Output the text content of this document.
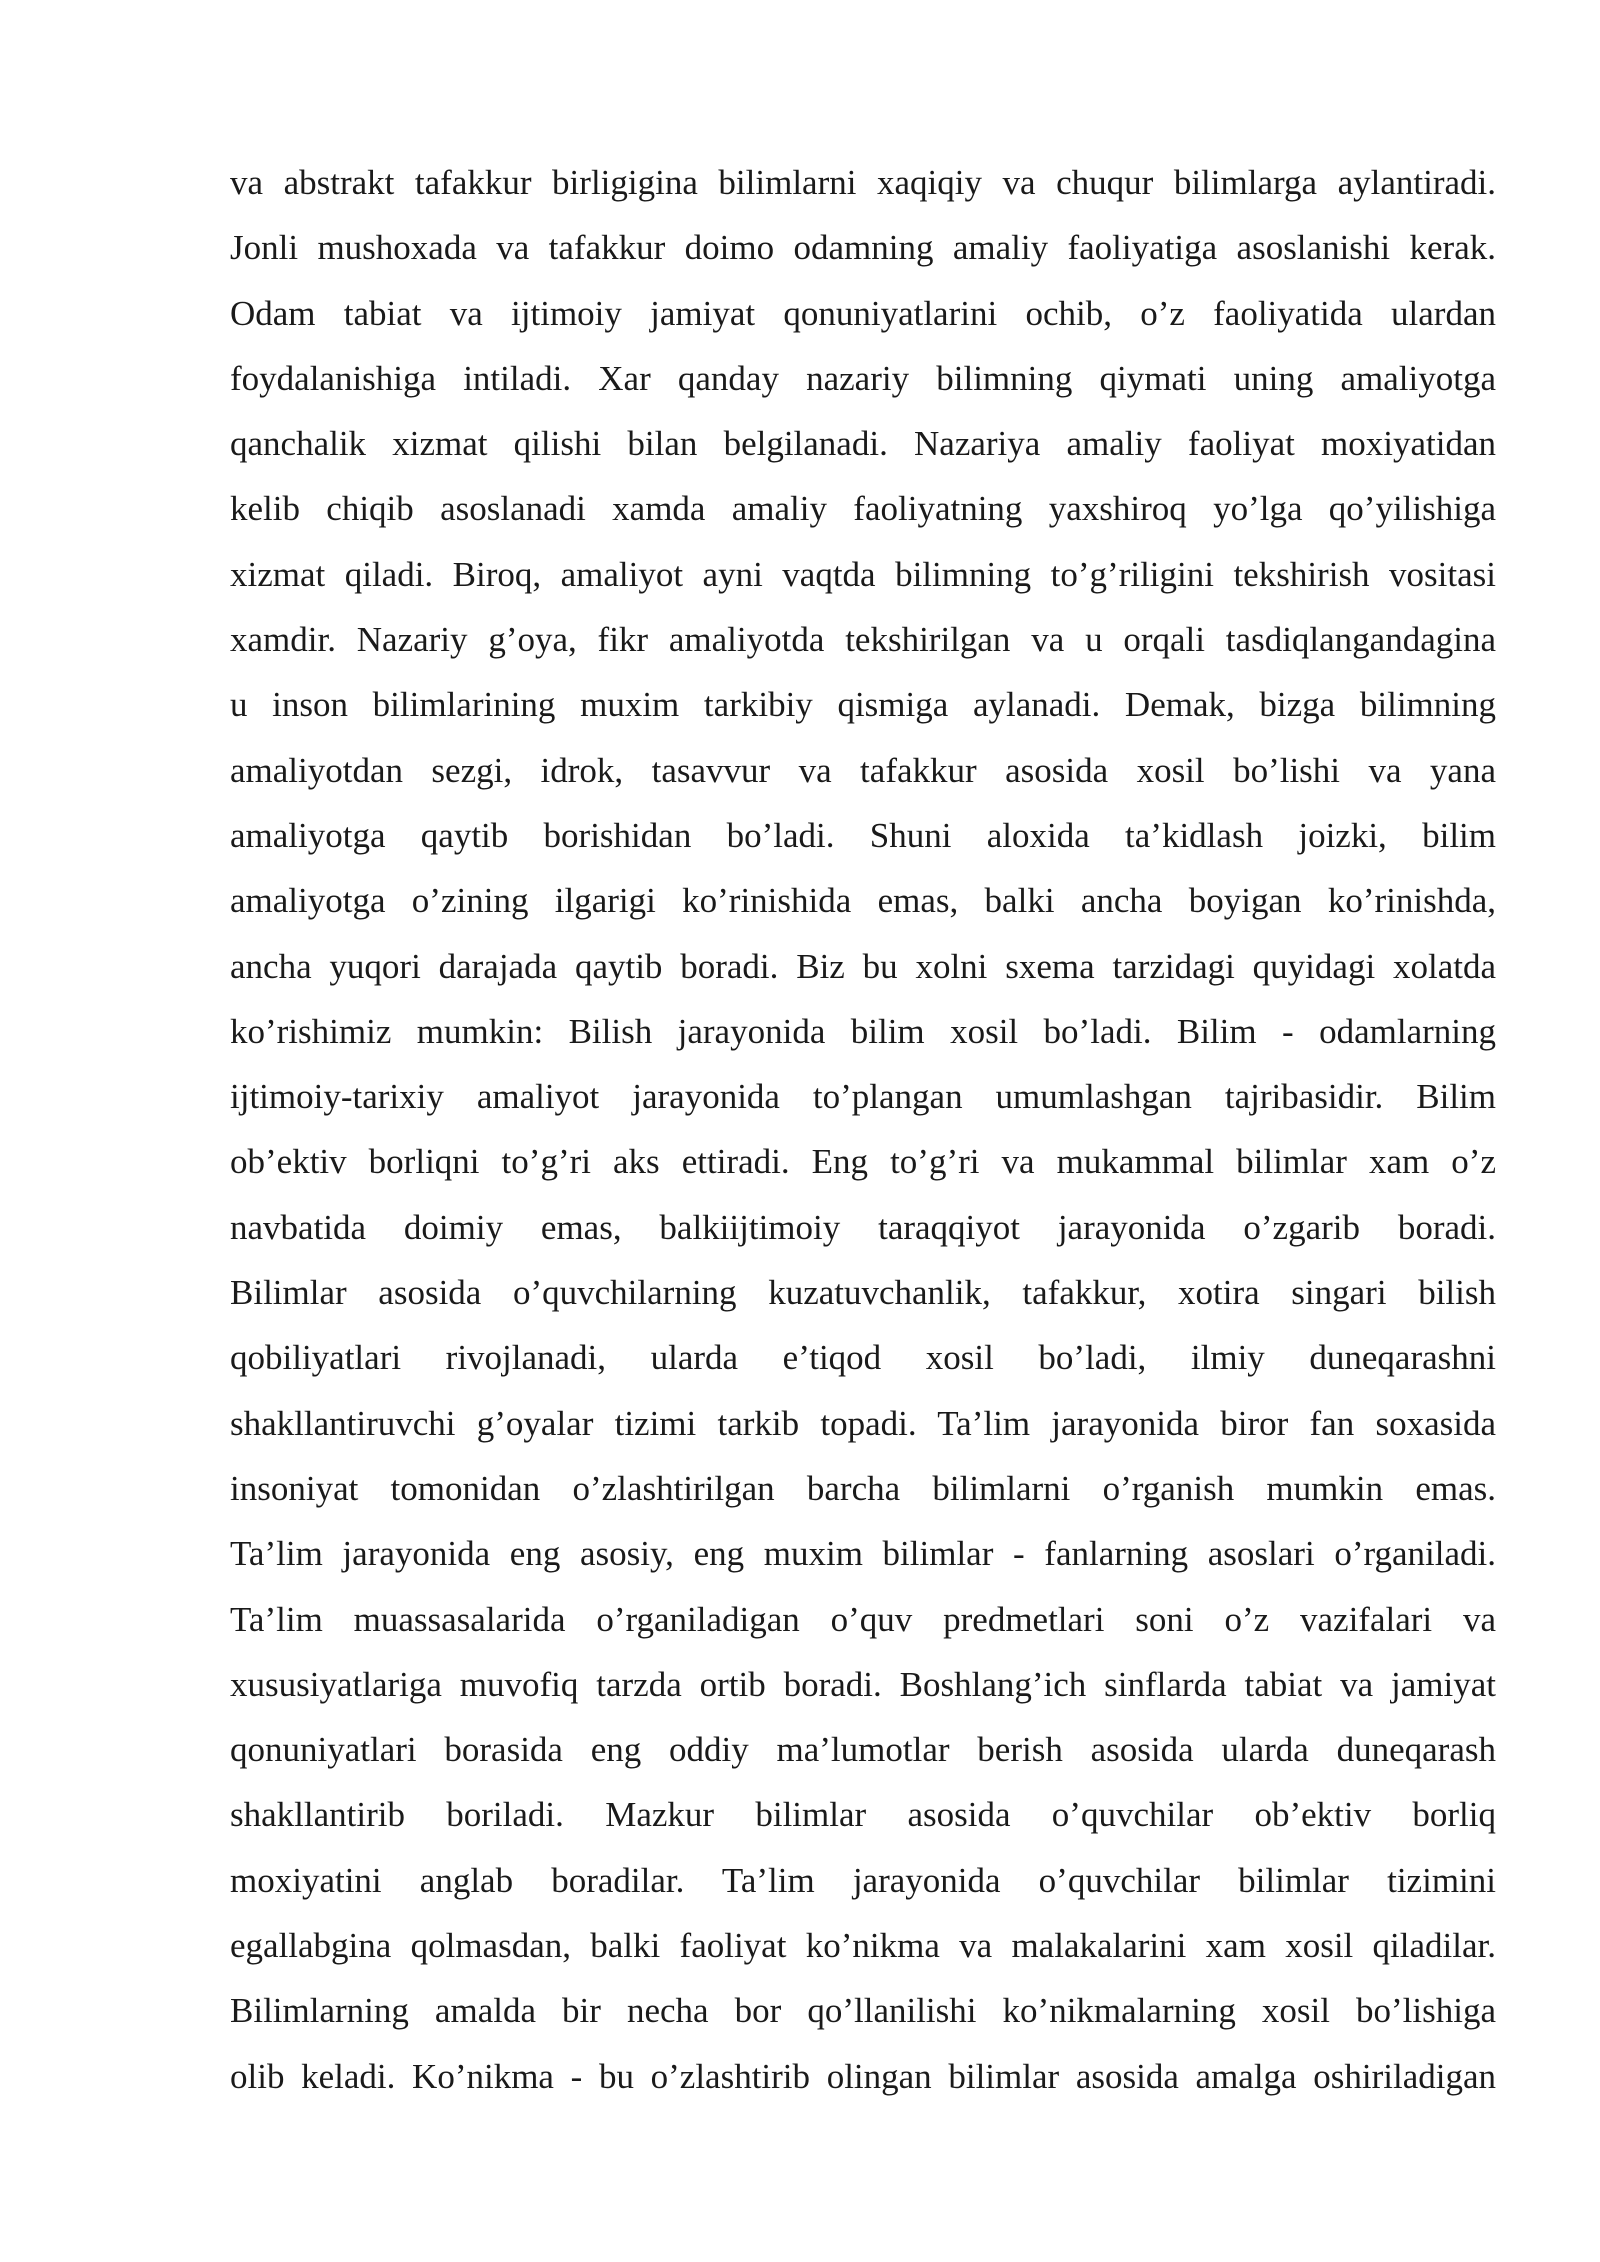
va abstrakt tafakkur birligigina bilimlarni xaqiqiy va chuqur bilimlarga aylantiradi.
Jonli mushoxada va tafakkur doimo odamning amaliy faoliyatiga asoslanishi kerak.
Odam tabiat va ijtimoiy jamiyat qonuniyatlarini ochib, o’z faoliyatida ulardan
foydalanishiga intiladi. Xar qanday nazariy bilimning qiymati uning amaliyotga
qanchalik xizmat qilishi bilan belgilanadi. Nazariya amaliy faoliyat moxiyatidan
kelib chiqib asoslanadi xamda amaliy faoliyatning yaxshiroq yo’lga qo’yilishiga
xizmat qiladi. Biroq, amaliyot ayni vaqtda bilimning to’g’riligini tekshirish vositasi
xamdir. Nazariy g’oya, fikr amaliyotda tekshirilgan va u orqali tasdiqlangandagina
u inson bilimlarining muxim tarkibiy qismiga aylanadi. Demak, bizga bilimning
amaliyotdan sezgi, idrok, tasavvur va tafakkur asosida xosil bo’lishi va yana
amaliyotga qaytib borishidan bo’ladi. Shuni aloxida ta’kidlash joizki, bilim
amaliyotga o’zining ilgarigi ko’rinishida emas, balki ancha boyigan ko’rinishda,
ancha yuqori darajada qaytib boradi. Biz bu xolni sxema tarzidagi quyidagi xolatda
ko’rishimiz mumkin: Bilish jarayonida bilim xosil bo’ladi. Bilim - odamlarning
ijtimoiy-tarixiy amaliyot jarayonida to’plangan umumlashgan tajribasidir. Bilim
ob’ektiv borliqni to’g’ri aks ettiradi. Eng to’g’ri va mukammal bilimlar xam o’z
navbatida doimiy emas, balkiijtimoiy taraqqiyot jarayonida o’zgarib boradi.
Bilimlar asosida o’quvchilarning kuzatuvchanlik, tafakkur, xotira singari bilish
qobiliyatlari rivojlanadi, ularda e’tiqod xosil bo’ladi, ilmiy duneqarashni
shakllantiruvchi g’oyalar tizimi tarkib topadi. Ta’lim jarayonida biror fan soxasida
insoniyat tomonidan o’zlashtirilgan barcha bilimlarni o’rganish mumkin emas.
Ta’lim jarayonida eng asosiy, eng muxim bilimlar - fanlarning asoslari o’rganiladi.
Ta’lim muassasalarida o’rganiladigan o’quv predmetlari soni o’z vazifalari va
xususiyatlariga muvofiq tarzda ortib boradi. Boshlang’ich sinflarda tabiat va jamiyat
qonuniyatlari borasida eng oddiy ma’lumotlar berish asosida ularda duneqarash
shakllantirib boriladi. Mazkur bilimlar asosida o’quvchilar ob’ektiv borliq
moxiyatini anglab boradilar. Ta’lim jarayonida o’quvchilar bilimlar tizimini
egallabgina qolmasdan, balki faoliyat ko’nikma va malakalarini xam xosil qiladilar.
Bilimlarning amalda bir necha bor qo’llanilishi ko’nikmalarning xosil bo’lishiga
olib keladi. Ko’nikma - bu o’zlashtirib olingan bilimlar asosida amalga oshiriladigan
